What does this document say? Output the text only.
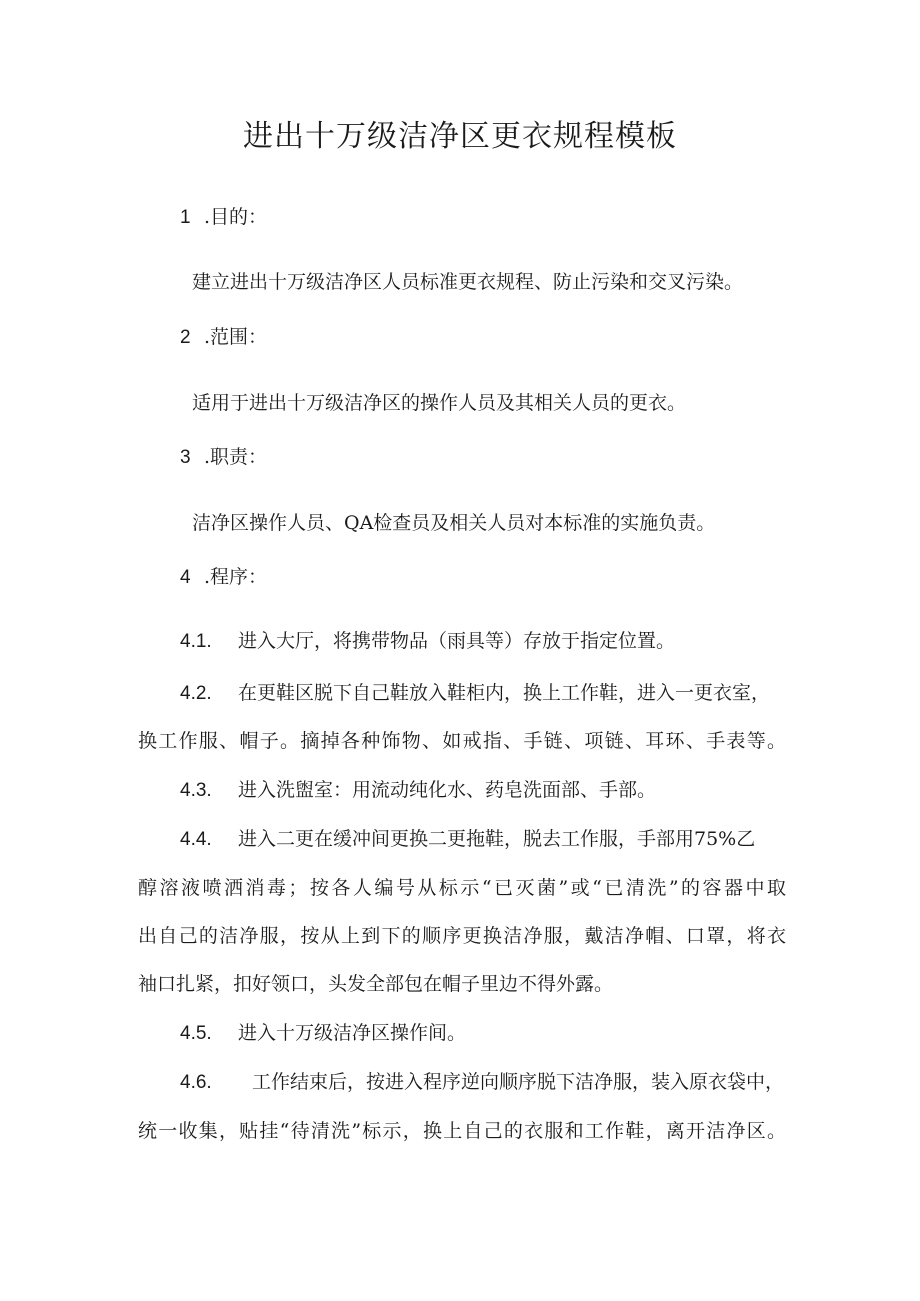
进出十万级洁净区更衣规程模板
1 .目的：
建立进出十万级洁净区人员标准更衣规程、防止污染和交叉污染。
2 .范围：
适用于进出十万级洁净区的操作人员及其相关人员的更衣。
3 .职责：
洁净区操作人员、QA检查员及相关人员对本标准的实施负责。
4 .程序：
4.1. 进入大厅，将携带物品（雨具等）存放于指定位置。
4.2. 在更鞋区脱下自己鞋放入鞋柜内，换上工作鞋，进入一更衣室，
换工作服、帽子。摘掉各种饰物、如戒指、手链、项链、耳环、手表等。
4.3. 进入洗盥室：用流动纯化水、药皂洗面部、手部。
4.4. 进入二更在缓冲间更换二更拖鞋，脱去工作服，手部用75%乙
醇溶液喷洒消毒；按各人编号从标示“已灭菌”或“已清洗”的容器中取
出自己的洁净服，按从上到下的顺序更换洁净服，戴洁净帽、口罩，将衣
袖口扎紧，扣好领口，头发全部包在帽子里边不得外露。
4.5. 进入十万级洁净区操作间。
4.6. 工作结束后，按进入程序逆向顺序脱下洁净服，装入原衣袋中，
统一收集，贴挂“待清洗”标示，换上自己的衣服和工作鞋，离开洁净区。
